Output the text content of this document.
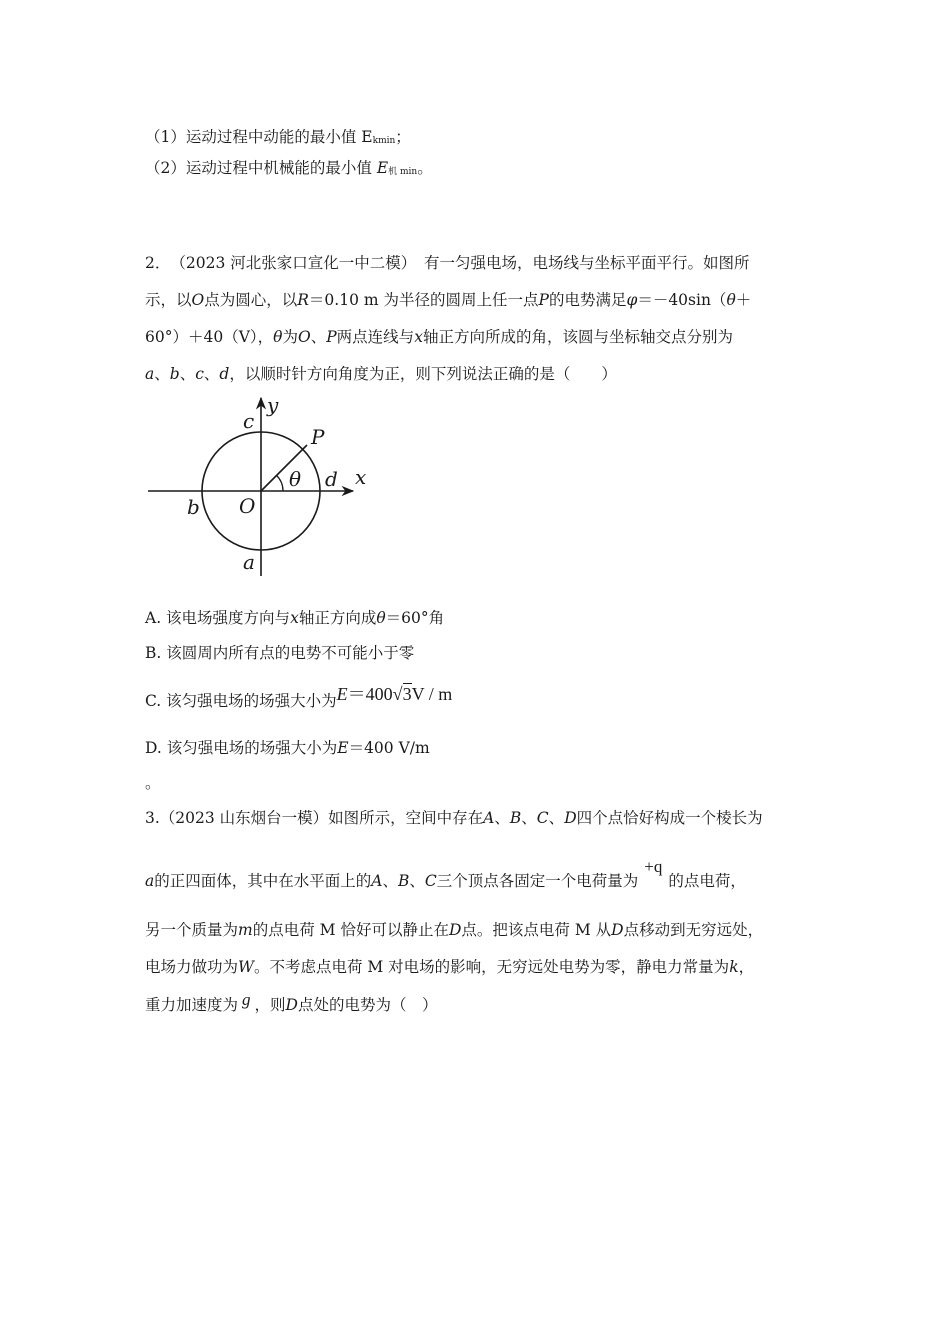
（1）运动过程中动能的最小值 Ekmin；
（2）运动过程中机械能的最小值 E机 min。
2．　（2023 河北张家口宣化一中二模）　有一匀强电场，电场线与坐标平面平行。如图所
示，以O点为圆心，以R＝0.10 m 为半径的圆周上任一点P的电势满足φ＝－40sin（θ＋
60°）＋40（V），θ为O、P两点连线与x轴正方向所成的角，该圆与坐标轴交点分别为
a、b、c、d，以顺时针方向角度为正，则下列说法正确的是（　　）
y
x
c
P
θ d
b O
a
A. 该电场强度方向与x轴正方向成θ＝60°角
B. 该圆周内所有点的电势不可能小于零
C. 该匀强电场的场强大小为E＝400√3V / m
D. 该匀强电场的场强大小为E＝400 V/m
。
3.（2023 山东烟台一模）如图所示，空间中存在A、B、C、D四个点恰好构成一个棱长为
a的正四面体，其中在水平面上的A、B、C三个顶点各固定一个电荷量为+q的点电荷，
另一个质量为m的点电荷 M 恰好可以静止在D点。把该点电荷 M 从D点移动到无穷远处，
电场力做功为W。不考虑点电荷 M 对电场的影响，无穷远处电势为零，静电力常量为k，
重力加速度为 g ，则D点处的电势为（　）
